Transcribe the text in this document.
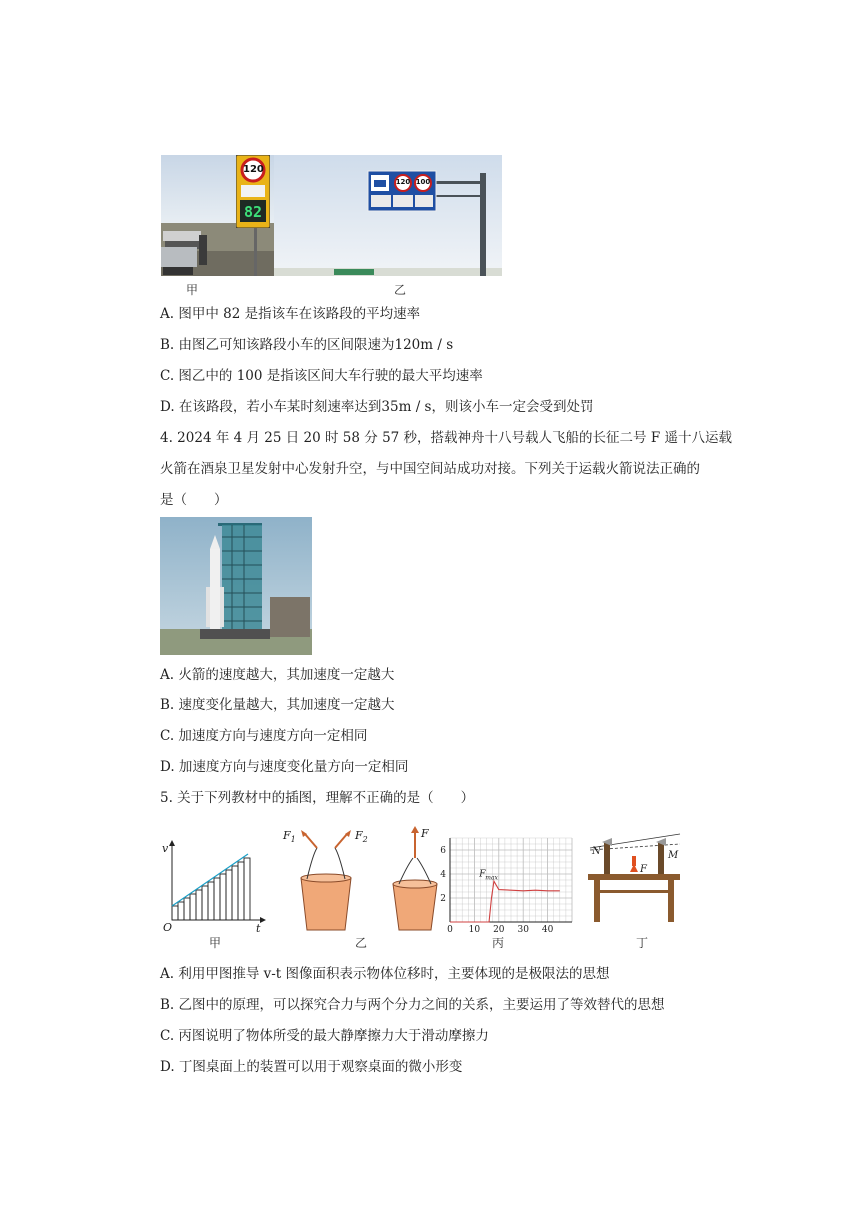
120
82
120 100
甲	乙
A. 图甲中 82 是指该车在该路段的平均速率
B. 由图乙可知该路段小车的区间限速为120m / s
C. 图乙中的 100 是指该区间大车行驶的最大平均速率
D. 在该路段，若小车某时刻速率达到35m / s，则该小车一定会受到处罚
4. 2024 年 4 月 25 日 20 时 58 分 57 秒，搭载神舟十八号载人飞船的长征二号 F 遥十八运载
火箭在酒泉卫星发射中心发射升空，与中国空间站成功对接。下列关于运载火箭说法正确的
是（　　）
A. 火箭的速度越大，其加速度一定越大
B. 速度变化量越大，其加速度一定越大
C. 加速度方向与速度方向一定相同
D. 加速度方向与速度变化量方向一定相同
5. 关于下列教材中的插图，理解不正确的是（　　）
v
t
O
甲
$F_1$	$F_2$	F
乙
2
4
6
0 10 20 30 40
F max
丙
N	M
F
丁
A. 利用甲图推导 v-t 图像面积表示物体位移时，主要体现的是极限法的思想
B. 乙图中的原理，可以探究合力与两个分力之间的关系，主要运用了等效替代的思想
C. 丙图说明了物体所受的最大静摩擦力大于滑动摩擦力
D. 丁图桌面上的装置可以用于观察桌面的微小形变
